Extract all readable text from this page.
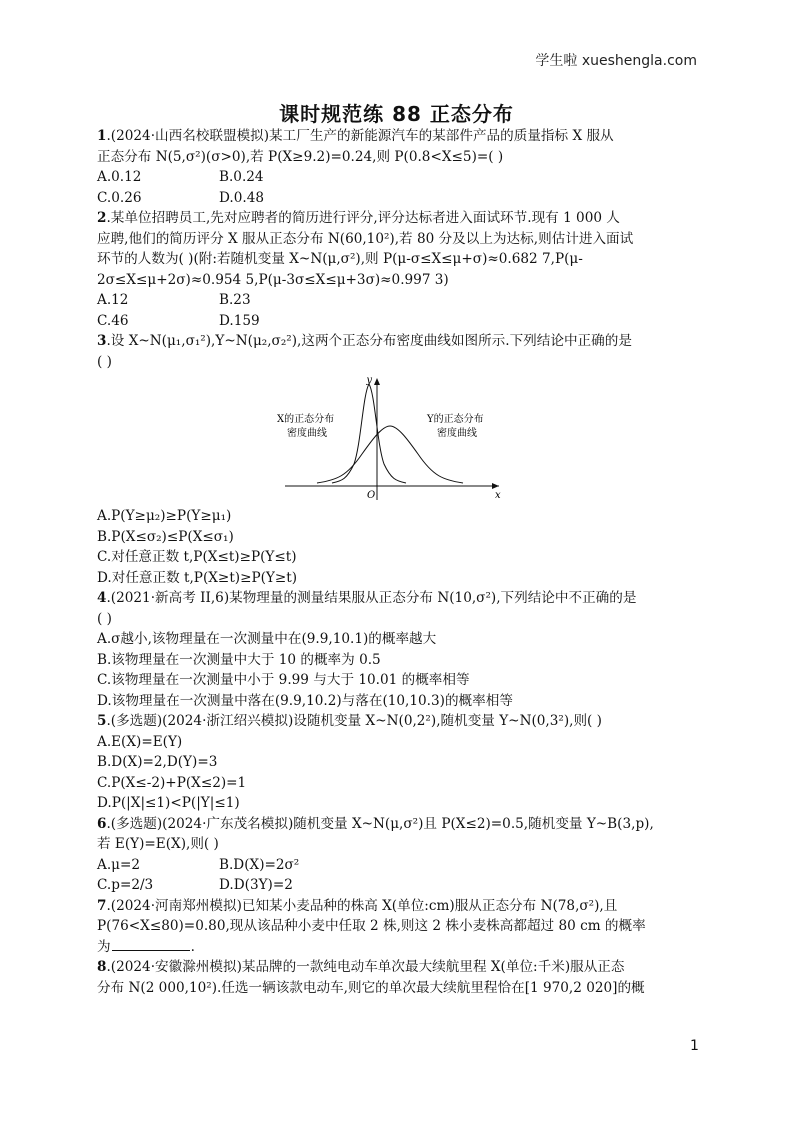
学生啦 xueshengla.com
课时规范练 88 正态分布
1.(2024·山西名校联盟模拟)某工厂生产的新能源汽车的某部件产品的质量指标 X 服从
正态分布 N(5,σ²)(σ>0),若 P(X≥9.2)=0.24,则 P(0.8<X≤5)=( )
A.0.12	B.0.24
C.0.26	D.0.48
2.某单位招聘员工,先对应聘者的简历进行评分,评分达标者进入面试环节.现有 1 000 人
应聘,他们的简历评分 X 服从正态分布 N(60,10²),若 80 分及以上为达标,则估计进入面试
环节的人数为( )(附:若随机变量 X~N(μ,σ²),则 P(μ-σ≤X≤μ+σ)≈0.682 7,P(μ-
2σ≤X≤μ+2σ)≈0.954 5,P(μ-3σ≤X≤μ+3σ)≈0.997 3)
A.12	B.23
C.46	D.159
3.设 X~N(μ₁,σ₁²),Y~N(μ₂,σ₂²),这两个正态分布密度曲线如图所示.下列结论中正确的是
( )
y
x
O
X的正态分布
密度曲线
Y的正态分布
密度曲线
A.P(Y≥μ₂)≥P(Y≥μ₁)
B.P(X≤σ₂)≤P(X≤σ₁)
C.对任意正数 t,P(X≤t)≥P(Y≤t)
D.对任意正数 t,P(X≥t)≥P(Y≥t)
4.(2021·新高考 II,6)某物理量的测量结果服从正态分布 N(10,σ²),下列结论中不正确的是
( )
A.σ越小,该物理量在一次测量中在(9.9,10.1)的概率越大
B.该物理量在一次测量中大于 10 的概率为 0.5
C.该物理量在一次测量中小于 9.99 与大于 10.01 的概率相等
D.该物理量在一次测量中落在(9.9,10.2)与落在(10,10.3)的概率相等
5.(多选题)(2024·浙江绍兴模拟)设随机变量 X~N(0,2²),随机变量 Y~N(0,3²),则( )
A.E(X)=E(Y)
B.D(X)=2,D(Y)=3
C.P(X≤-2)+P(X≤2)=1
D.P(|X|≤1)<P(|Y|≤1)
6.(多选题)(2024·广东茂名模拟)随机变量 X~N(μ,σ²)且 P(X≤2)=0.5,随机变量 Y~B(3,p),
若 E(Y)=E(X),则( )
A.μ=2	B.D(X)=2σ²
C.p=2/3	D.D(3Y)=2
7.(2024·河南郑州模拟)已知某小麦品种的株高 X(单位:cm)服从正态分布 N(78,σ²),且
P(76<X≤80)=0.80,现从该品种小麦中任取 2 株,则这 2 株小麦株高都超过 80 cm 的概率
为	.
8.(2024·安徽滁州模拟)某品牌的一款纯电动车单次最大续航里程 X(单位:千米)服从正态
分布 N(2 000,10²).任选一辆该款电动车,则它的单次最大续航里程恰在[1 970,2 020]的概
1
